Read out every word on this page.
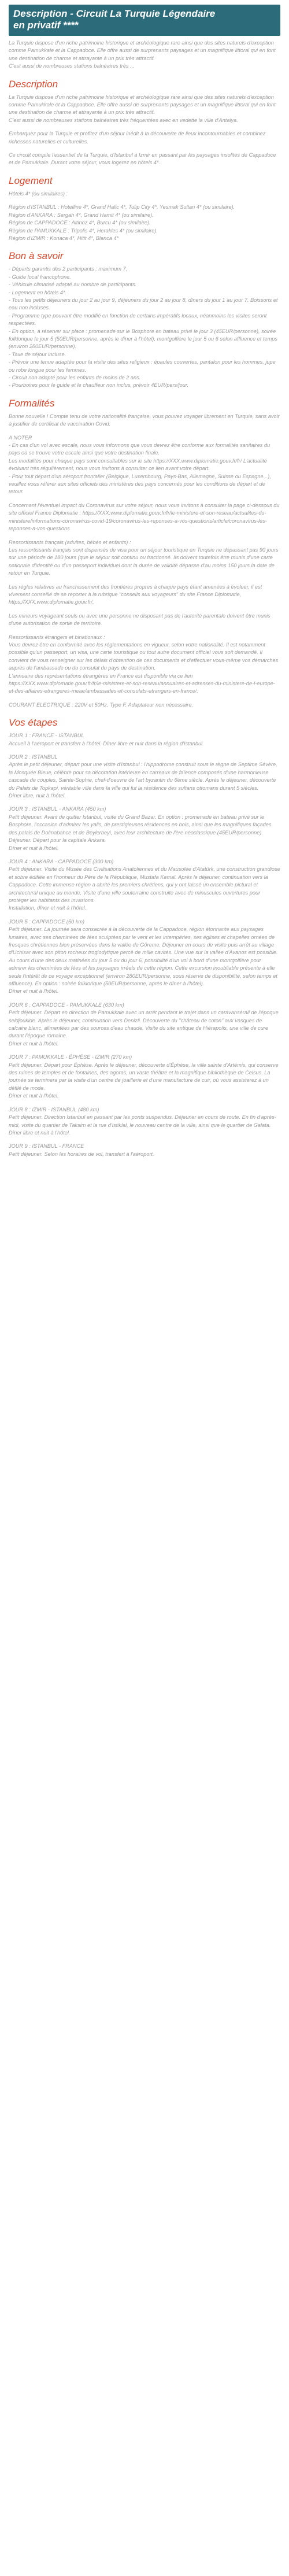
Description - Circuit La Turquie Légendaire
en privatif ****

La Turquie dispose d'un riche patrimoine historique et archéologique rare ainsi que des sites naturels d'exception comme Pamukkale et la Cappadoce. Elle offre aussi de surprenants paysages et un magnifique littoral qui en font une destination de charme et attrayante à un prix très attractif.
C'est aussi de nombreuses stations balnéaires très ...

Description

La Turquie dispose d'un riche patrimoine historique et archéologique rare ainsi que des sites naturels d'exception comme Pamukkale et la Cappadoce. Elle offre aussi de surprenants paysages et un magnifique littoral qui en font une destination de charme et attrayante à un prix très attractif.
C'est aussi de nombreuses stations balnéaires très fréquentées avec en vedette la ville d'Antalya.

Embarquez pour la Turquie et profitez d'un séjour inédit à la découverte de lieux incontournables et combinez richesses naturelles et culturelles.

Ce circuit compile l'essentiel de la Turquie, d'Istanbul à Izmir en passant par les paysages insolites de Cappadoce et de Pamukkale. Durant votre séjour, vous logerez en hôtels 4*.

Logement
Hôtels 4* (ou similaires) :
Région d'ISTANBUL : Hotelline 4*, Grand Halic 4*, Tulip City 4*, Yesmak Sultan 4* (ou similaire).
Région d'ANKARA : Sergah 4*, Grand Hamit 4* (ou similaire).
Région de CAPPADOCE : Altinoz 4*, Burcu 4* (ou similaire).
Région de PAMUKKALE : Tripolis 4*, Herakles 4* (ou similaire).
Région d'IZMIR : Konaca 4*, Hitit 4*, Blanca 4*
Bon à savoir
- Départs garantis dès 2 participants ; maximum 7.
- Guide local francophone.
- Véhicule climatisé adapté au nombre de participants.
- Logement en hôtels 4*.
- Tous les petits déjeuners du jour 2 au jour 9, déjeuners du jour 2 au jour 8, dîners du jour 1 au jour 7. Boissons et eau non incluses.
- Programme type pouvant être modifié en fonction de certains impératifs locaux, néanmoins les visites seront respectées.
- En option, à réserver sur place : promenade sur le Bosphore en bateau privé le jour 3 (45EUR/personne), soirée folklorique le jour 5 (50EUR/personne, après le dîner à l'hôtel), montgolfière le jour 5 ou 6 selon affluence et temps (environ 280EUR/personne).
- Taxe de séjour incluse.
- Prévoir une tenue adaptée pour la visite des sites religieux : épaules couvertes, pantalon pour les hommes, jupe ou robe longue pour les femmes.
- Circuit non adapté pour les enfants de moins de 2 ans.
- Pourboires pour le guide et le chauffeur non inclus, prévoir 4EUR/pers/jour.
Formalités

Bonne nouvelle ! Compte tenu de votre nationalité française, vous pouvez voyager librement en Turquie, sans avoir à justifier de certificat de vaccination Covid.

A NOTER
- En cas d'un vol avec escale, nous vous informons que vous devrez être conforme aux formalités sanitaires du pays où se trouve votre escale ainsi que votre destination finale.
Les modalités pour chaque pays sont consultables sur le site https://XXX.www.diplomatie.gouv.fr/fr/ L'actualité évoluant très régulièrement, nous vous invitons à consulter ce lien avant votre départ.
- Pour tout départ d'un aéroport frontalier (Belgique, Luxembourg, Pays-Bas, Allemagne, Suisse ou Espagne...), veuillez vous référer aux sites officiels des ministères des pays concernés pour les conditions de départ et de retour.

Concernant l'éventuel impact du Coronavirus sur votre séjour, nous vous invitons à consulter la page ci-dessous du site officiel France Diplomatie : https://XXX.www.diplomatie.gouv.fr/fr/le-ministere-et-son-reseau/actualites-du-ministere/informations-coronavirus-covid-19/coronavirus-les-reponses-a-vos-questions/article/coronavirus-les-reponses-a-vos-questions

Ressortissants français (adultes, bébés et enfants) :
Les ressortissants français sont dispensés de visa pour un séjour touristique en Turquie ne dépassant pas 90 jours sur une période de 180 jours (que le séjour soit continu ou fractionné. Ils doivent toutefois être munis d'une carte nationale d'identité ou d'un passeport individuel dont la durée de validité dépasse d'au moins 150 jours la date de retour en Turquie.

Les règles relatives au franchissement des frontières propres à chaque pays étant amenées à évoluer, il est vivement conseillé de se reporter à la rubrique "conseils aux voyageurs" du site France Diplomatie, https://XXX.www.diplomatie.gouv.fr/.

Les mineurs voyageant seuls ou avec une personne ne disposant pas de l'autorité parentale doivent être munis d'une autorisation de sortie de territoire.

Ressortissants étrangers et binationaux :
Vous devrez être en conformité avec les réglementations en vigueur, selon votre nationalité. Il est notamment possible qu'un passeport, un visa, une carte touristique ou tout autre document officiel vous soit demandé. Il convient de vous renseigner sur les délais d'obtention de ces documents et d'effectuer vous-même vos démarches auprès de l'ambassade ou du consulat du pays de destination.
L'annuaire des représentations étrangères en France est disponible via ce lien https://XXX.www.diplomatie.gouv.fr/fr/le-ministere-et-son-reseau/annuaires-et-adresses-du-ministere-de-l-europe-et-des-affaires-etrangeres-meae/ambassades-et-consulats-etrangers-en-france/.

COURANT ELECTRIQUE : 220V et 50Hz. Type F. Adaptateur non nécessaire.

Vos étapes
JOUR 1 : FRANCE - ISTANBUL
Accueil à l'aéroport et transfert à l'hôtel. Dîner libre et nuit dans la région d'Istanbul.
JOUR 2 : ISTANBUL
Après le petit déjeuner, départ pour une visite d'Istanbul : l'hippodrome construit sous le règne de Septime Sévère, la Mosquée Bleue, célèbre pour sa décoration intérieure en carreaux de faïence composés d'une harmonieuse cascade de couples, Sainte-Sophie, chef-d'oeuvre de l'art byzantin du 6ème siècle. Après le déjeuner, découverte du Palais de Topkapi, véritable ville dans la ville qui fut la résidence des sultans ottomans durant 5 siècles.
Dîner libre, nuit à l'hôtel.
JOUR 3 : ISTANBUL - ANKARA (450 km)
Petit déjeuner. Avant de quitter Istanbul, visite du Grand Bazar. En option : promenade en bateau privé sur le Bosphore, l'occasion d'admirer les yalis, de prestigieuses résidences en bois, ainsi que les magnifiques façades des palais de Dolmabahce et de Beylerbeyi, avec leur architecture de l'ère néoclassique (45EUR/personne). Déjeuner. Départ pour la capitale Ankara.
Dîner et nuit à l'hôtel.
JOUR 4 : ANKARA - CAPPADOCE (300 km)
Petit déjeuner. Visite du Musée des Civilisations Anatoliennes et du Mausolée d'Atatürk, une construction grandiose et sobre édifiée en l'honneur du Père de la République, Mustafa Kemal. Après le déjeuner, continuation vers la Cappadoce. Cette immense région a abrité les premiers chrétiens, qui y ont laissé un ensemble pictural et architectural unique au monde. Visite d'une ville souterraine construite avec de minuscules ouvertures pour protéger les habitants des invasions.
Installation, dîner et nuit à l'hôtel.
JOUR 5 : CAPPADOCE (50 km)
Petit déjeuner. La journée sera consacrée à la découverte de la Cappadoce, région étonnante aux paysages lunaires, avec ses cheminées de fées sculptées par le vent et les intempéries, ses églises et chapelles ornées de fresques chrétiennes bien préservées dans la vallée de Göreme. Déjeuner en cours de visite puis arrêt au village d'Uchisar avec son piton rocheux troglodytique percé de mille cavités. Une vue sur la vallée d'Avanos est possible. Au cours d'une des deux matinées du jour 5 ou du jour 6, possibilité d'un vol à bord d'une montgolfière pour admirer les cheminées de fées et les paysages irréels de cette région. Cette excursion inoubliable présente à elle seule l'intérêt de ce voyage exceptionnel (environ 280EUR/personne, sous réserve de disponibilité, selon temps et affluence). En option : soirée folklorique (50EUR/personne, après le dîner à l'hôtel).
Dîner et nuit à l'hôtel.
JOUR 6 : CAPPADOCE - PAMUKKALE (630 km)
Petit déjeuner. Départ en direction de Pamukkale avec un arrêt pendant le trajet dans un caravansérail de l'époque seldjoukide. Après le déjeuner, continuation vers Denizli. Découverte du "château de coton" aux vasques de calcaire blanc, alimentées par des sources d'eau chaude. Visite du site antique de Hiérapolis, une ville de cure durant l'époque romaine.
Dîner et nuit à l'hôtel.
JOUR 7 : PAMUKKALE - ÉPHÈSE - IZMIR (270 km)
Petit déjeuner. Départ pour Éphèse. Après le déjeuner, découverte d'Éphèse, la ville sainte d'Artémis, qui conserve des ruines de temples et de fontaines, des agoras, un vaste théâtre et la magnifique bibliothèque de Celsus. La journée se terminera par la visite d'un centre de joaillerie et d'une manufacture de cuir, où vous assisterez à un défilé de mode.
Dîner et nuit à l'hôtel.
JOUR 8 : IZMIR - ISTANBUL (480 km)
Petit déjeuner. Direction Istanbul en passant par les ponts suspendus. Déjeuner en cours de route. En fin d'après-midi, visite du quartier de Taksim et la rue d'Istiklal, le nouveau centre de la ville, ainsi que le quartier de Galata.
Dîner libre et nuit à l'hôtel.
JOUR 9 : ISTANBUL - FRANCE
Petit déjeuner. Selon les horaires de vol, transfert à l'aéroport.
